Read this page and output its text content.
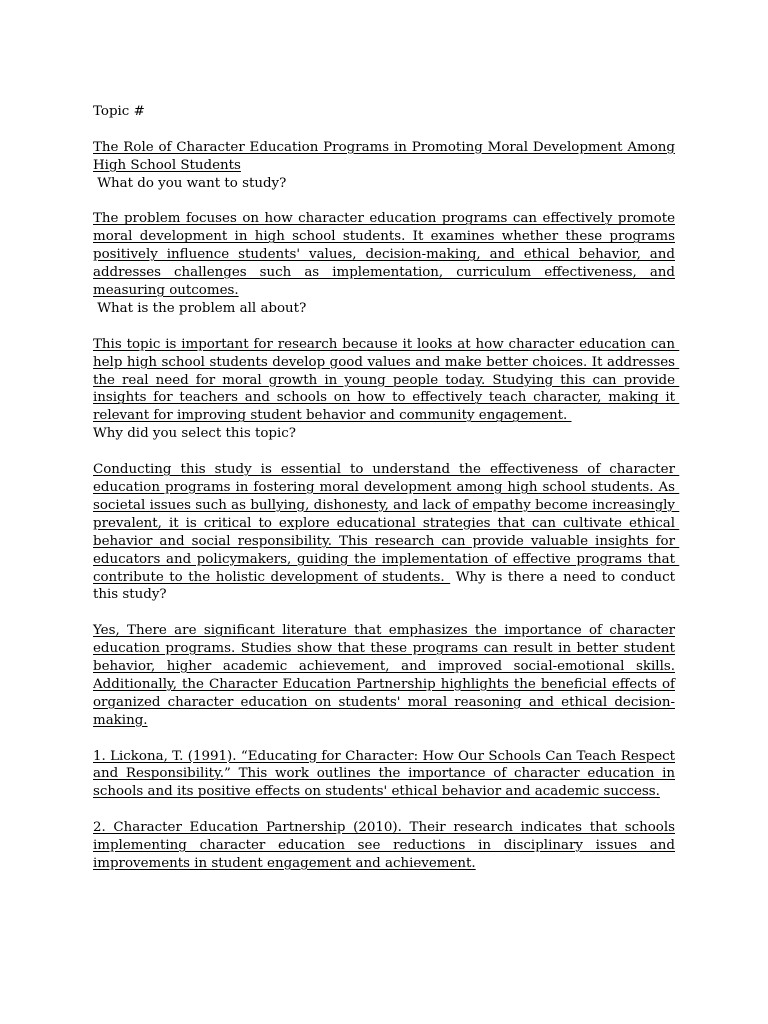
Topic #

The Role of Character Education Programs in Promoting Moral Development Among High School Students

What do you want to study?

The problem focuses on how character education programs can effectively promote moral development in high school students. It examines whether these programs positively influence students' values, decision-making, and ethical behavior, and addresses challenges such as implementation, curriculum effectiveness, and measuring outcomes.

What is the problem all about?

This topic is important for research because it looks at how character education can help high school students develop good values and make better choices. It addresses the real need for moral growth in young people today. Studying this can provide insights for teachers and schools on how to effectively teach character, making it relevant for improving student behavior and community engagement.

Why did you select this topic?

Conducting this study is essential to understand the effectiveness of character education programs in fostering moral development among high school students. As societal issues such as bullying, dishonesty, and lack of empathy become increasingly prevalent, it is critical to explore educational strategies that can cultivate ethical behavior and social responsibility. This research can provide valuable insights for educators and policymakers, guiding the implementation of effective programs that contribute to the holistic development of students.  Why is there a need to conduct this study?

Yes, There are significant literature that emphasizes the importance of character education programs. Studies show that these programs can result in better student behavior, higher academic achievement, and improved social-emotional skills. Additionally, the Character Education Partnership highlights the beneficial effects of organized character education on students' moral reasoning and ethical decision-making.

1. Lickona, T. (1991). “Educating for Character: How Our Schools Can Teach Respect and Responsibility.” This work outlines the importance of character education in schools and its positive effects on students' ethical behavior and academic success.

2. Character Education Partnership (2010). Their research indicates that schools implementing character education see reductions in disciplinary issues and improvements in student engagement and achievement.
